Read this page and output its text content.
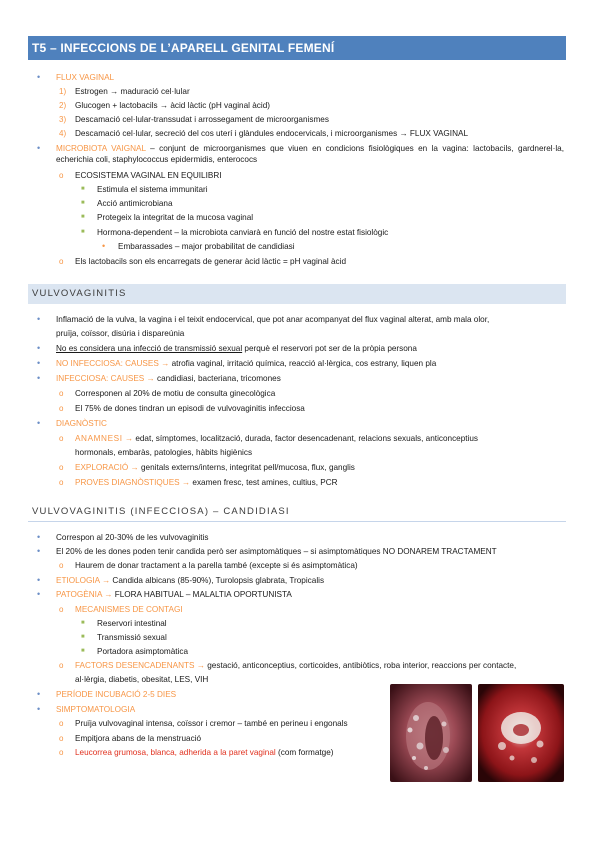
T5 – INFECCIONS DE L’APARELL GENITAL FEMENÍ
• FLUX VAGINAL
1) Estrogen → maduració cel·lular
2) Glucogen + lactobacils → àcid làctic (pH vaginal àcid)
3) Descamació cel·lular-transsudat i arrossegament de microorganismes
4) Descamació cel·lular, secreció del cos uterí i glàndules endocervicals, i microorganismes → FLUX VAGINAL
• MICROBIOTA VAIGNAL – conjunt de microorganismes que viuen en condicions fisiològiques en la vagina: lactobacils, gardnerel·la, echerichia coli, staphylococcus epidermidis, enterococs
o ECOSISTEMA VAGINAL EN EQUILIBRI
■ Estimula el sistema immunitari
■ Acció antimicrobiana
■ Protegeix la integritat de la mucosa vaginal
■ Hormona-dependent – la microbiota canviarà en funció del nostre estat fisiològic
• Embarassades – major probabilitat de candidiasi
o Els lactobacils son els encarregats de generar àcid làctic = pH vaginal àcid
VULVOVAGINITIS
• Inflamació de la vulva, la vagina i el teixit endocervical, que pot anar acompanyat del flux vaginal alterat, amb mala olor,
pruïja, coïssor, disúria i dispareúnia
• No es considera una infecció de transmissió sexual perquè el reservori pot ser de la pròpia persona
• NO INFECCIOSA: CAUSES → atrofia vaginal, irritació química, reacció al·lèrgica, cos estrany, liquen pla
• INFECCIOSA: CAUSES → candidiasi, bacteriana, tricomones
o Corresponen al 20% de motiu de consulta ginecològica
o El 75% de dones tindran un episodi de vulvovaginitis infecciosa
• DIAGNÒSTIC
o ANAMNESI → edat, símptomes, localització, durada, factor desencadenant, relacions sexuals, anticonceptius
hormonals, embaràs, patologies, hàbits higiènics
o EXPLORACIÓ → genitals externs/interns, integritat pell/mucosa, flux, ganglis
o PROVES DIAGNÒSTIQUES → examen fresc, test amines, cultius, PCR
VULVOVAGINITIS (INFECCIOSA) – CANDIDIASI
• Correspon al 20-30% de les vulvovaginitis
• El 20% de les dones poden tenir candida però ser asimptomàtiques – si asimptomàtiques NO DONAREM TRACTAMENT
o Haurem de donar tractament a la parella també (excepte si és asimptomàtica)
• ETIOLOGIA → Candida albicans (85-90%), Turolopsis glabrata, Tropicalis
• PATOGÈNIA → FLORA HABITUAL – MALALTIA OPORTUNISTA
o MECANISMES DE CONTAGI
■ Reservori intestinal
■ Transmissió sexual
■ Portadora asimptomàtica
o FACTORS DESENCADENANTS → gestació, anticonceptius, corticoides, antibiòtics, roba interior, reaccions per contacte,
al·lèrgia, diabetis, obesitat, LES, VIH
• PERÍODE INCUBACIÓ 2-5 DIES
• SIMPTOMATOLOGIA
o Pruïja vulvovaginal intensa, coïssor i cremor – també en perineu i engonals
o Empitjora abans de la menstruació
o Leucorrea grumosa, blanca, adherida a la paret vaginal (com formatge)
